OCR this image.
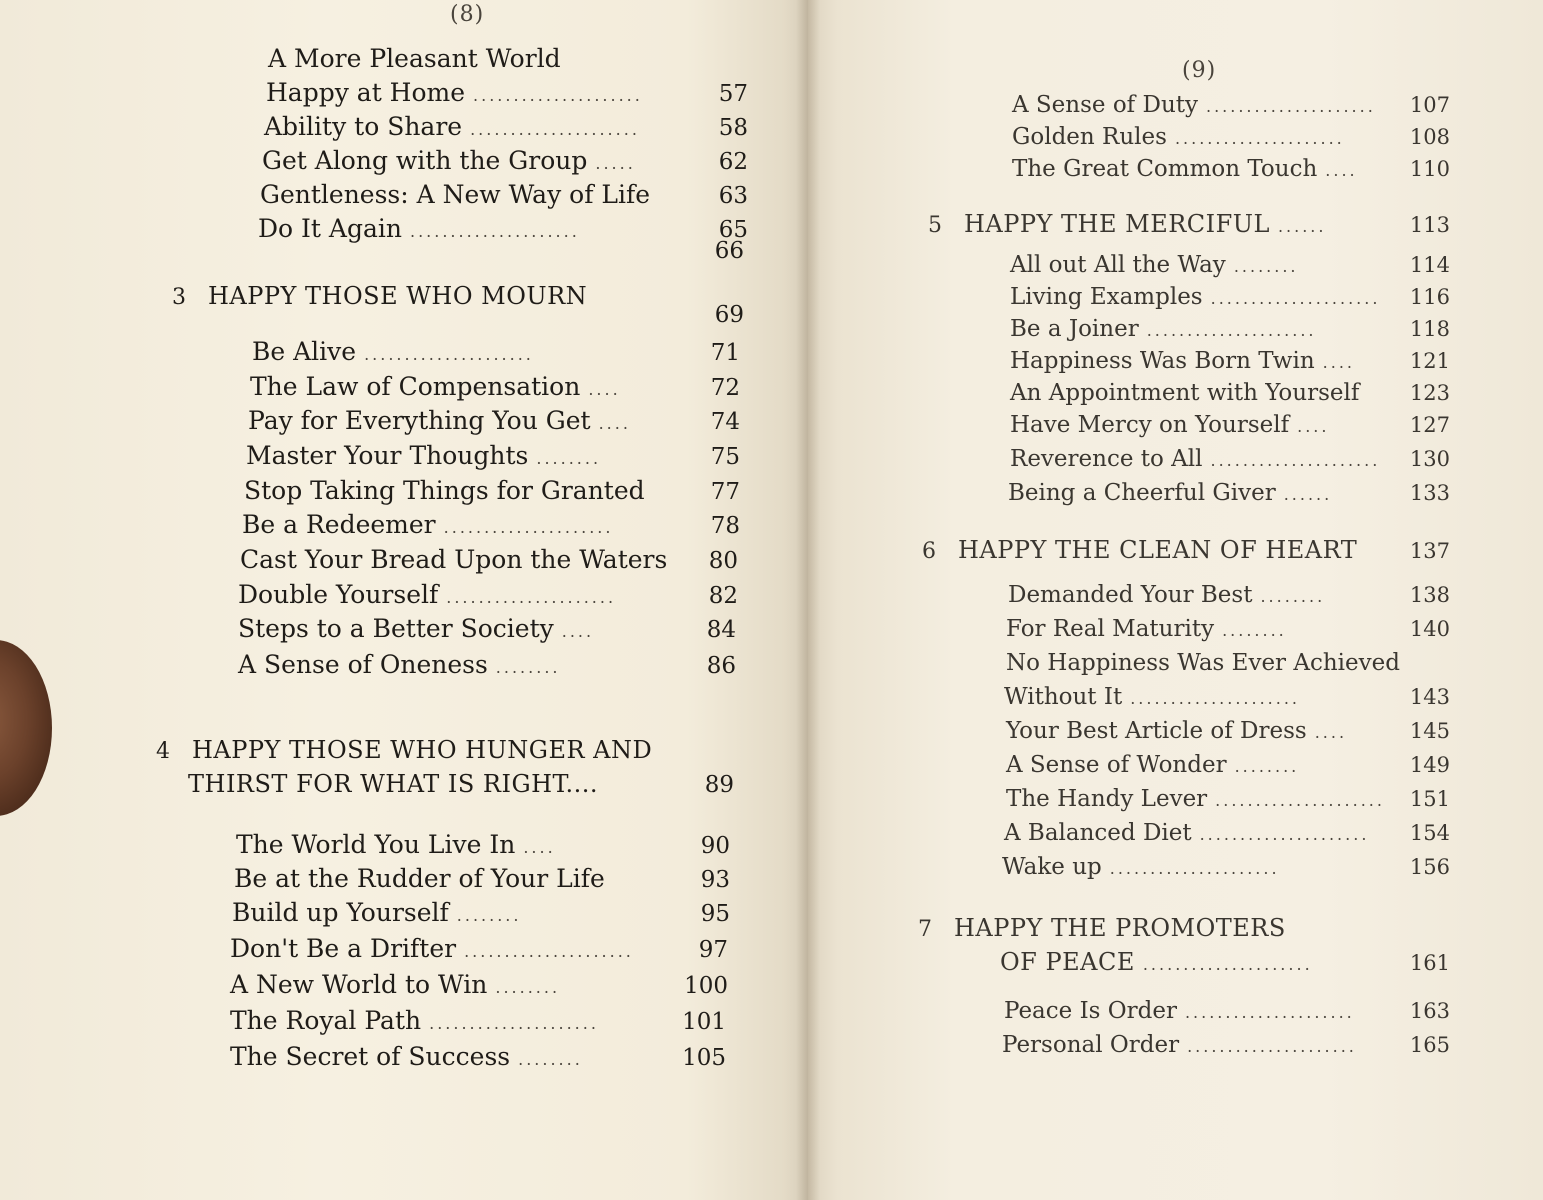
(8)
A More Pleasant World
Happy at Home .....................	57
Ability to Share .....................	58
Get Along with the Group .....	62
Gentleness: A New Way of Life	63
Do It Again .....................	65
66
3 HAPPY THOSE WHO MOURN
69
Be Alive .....................	71
The Law of Compensation ....	72
Pay for Everything You Get ....	74
Master Your Thoughts ........	75
Stop Taking Things for Granted	77
Be a Redeemer .....................	78
Cast Your Bread Upon the Waters 80
Double Yourself .....................	82
Steps to a Better Society ....	84
A Sense of Oneness ........	86
4 HAPPY THOSE WHO HUNGER AND
THIRST FOR WHAT IS RIGHT....	89
The World You Live In ....	90
Be at the Rudder of Your Life	93
Build up Yourself ........	95
Don't Be a Drifter .....................	97
A New World to Win ........	100
The Royal Path .....................	101
The Secret of Success ........	105
(9)
A Sense of Duty .....................	107
Golden Rules .....................	108
The Great Common Touch ....	110
5 HAPPY THE MERCIFUL ......	113
All out All the Way ........	114
Living Examples .....................	116
Be a Joiner .....................	118
Happiness Was Born Twin ....	121
An Appointment with Yourself 123
Have Mercy on Yourself ....	127
Reverence to All .....................	130
Being a Cheerful Giver ......	133
6 HAPPY THE CLEAN OF HEART	137
Demanded Your Best ........	138
For Real Maturity ........	140
No Happiness Was Ever Achieved
Without It .....................	143
Your Best Article of Dress ....	145
A Sense of Wonder ........	149
The Handy Lever .....................	151
A Balanced Diet .....................	154
Wake up .....................	156
7 HAPPY THE PROMOTERS
OF PEACE .....................	161
Peace Is Order .....................	163
Personal Order .....................	165
